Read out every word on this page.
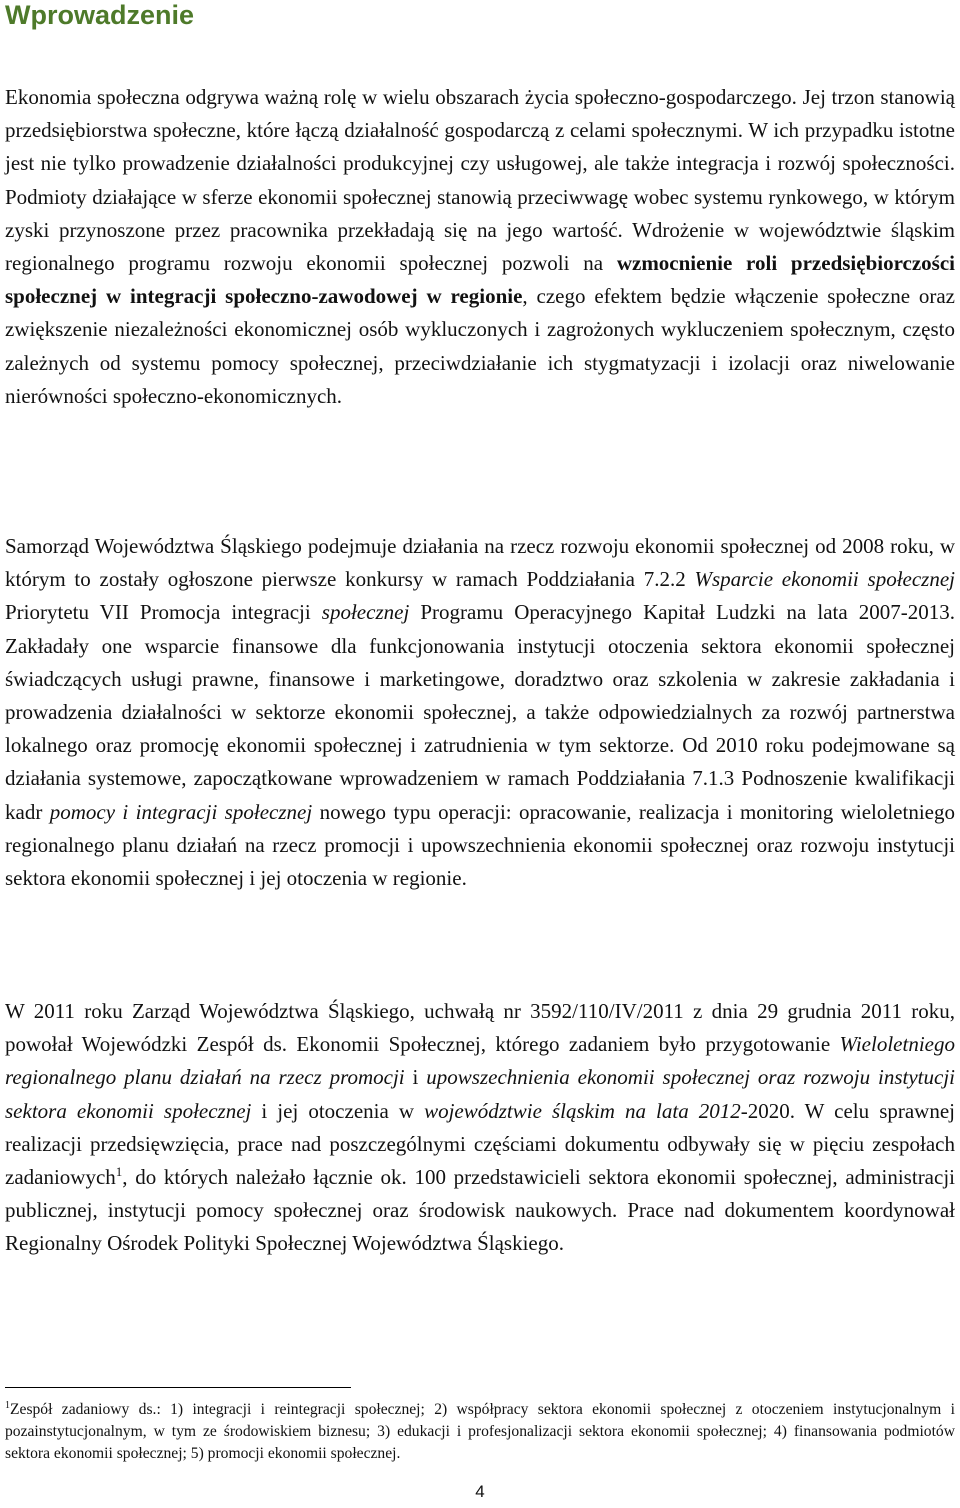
Wprowadzenie

Ekonomia społeczna odgrywa ważną rolę w wielu obszarach życia społeczno-gospodarczego. Jej trzon stanowią przedsiębiorstwa społeczne, które łączą działalność gospodarczą z celami społecznymi. W ich przypadku istotne jest nie tylko prowadzenie działalności produkcyjnej czy usługowej, ale także integracja i rozwój społeczności. Podmioty działające w sferze ekonomii społecznej stanowią przeciwwagę wobec systemu rynkowego, w którym zyski przynoszone przez pracownika przekładają się na jego wartość. Wdrożenie w województwie śląskim regionalnego programu rozwoju ekonomii społecznej pozwoli na wzmocnienie roli przedsiębiorczości społecznej w integracji społeczno-zawodowej w regionie, czego efektem będzie włączenie społeczne oraz zwiększenie niezależności ekonomicznej osób wykluczonych i zagrożonych wykluczeniem społecznym, często zależnych od systemu pomocy społecznej, przeciwdziałanie ich stygmatyzacji i izolacji oraz niwelowanie nierówności społeczno-ekonomicznych.

Samorząd Województwa Śląskiego podejmuje działania na rzecz rozwoju ekonomii społecznej od 2008 roku, w którym to zostały ogłoszone pierwsze konkursy w ramach Poddziałania 7.2.2 Wsparcie ekonomii społecznej Priorytetu VII Promocja integracji społecznej Programu Operacyjnego Kapitał Ludzki na lata 2007-2013. Zakładały one wsparcie finansowe dla funkcjonowania instytucji otoczenia sektora ekonomii społecznej świadczących usługi prawne, finansowe i marketingowe, doradztwo oraz szkolenia w zakresie zakładania i prowadzenia działalności w sektorze ekonomii społecznej, a także odpowiedzialnych za rozwój partnerstwa lokalnego oraz promocję ekonomii społecznej i zatrudnienia w tym sektorze. Od 2010 roku podejmowane są działania systemowe, zapoczątkowane wprowadzeniem w ramach Poddziałania 7.1.3 Podnoszenie kwalifikacji kadr pomocy i integracji społecznej nowego typu operacji: opracowanie, realizacja i monitoring wieloletniego regionalnego planu działań na rzecz promocji i upowszechnienia ekonomii społecznej oraz rozwoju instytucji sektora ekonomii społecznej i jej otoczenia w regionie.

W 2011 roku Zarząd Województwa Śląskiego, uchwałą nr 3592/110/IV/2011 z dnia 29 grudnia 2011 roku, powołał Wojewódzki Zespół ds. Ekonomii Społecznej, którego zadaniem było przygotowanie Wieloletniego regionalnego planu działań na rzecz promocji i upowszechnienia ekonomii społecznej oraz rozwoju instytucji sektora ekonomii społecznej i jej otoczenia w województwie śląskim na lata 2012-2020. W celu sprawnej realizacji przedsięwzięcia, prace nad poszczególnymi częściami dokumentu odbywały się w pięciu zespołach zadaniowych$^1$, do których należało łącznie ok. 100 przedstawicieli sektora ekonomii społecznej, administracji publicznej, instytucji pomocy społecznej oraz środowisk naukowych. Prace nad dokumentem koordynował Regionalny Ośrodek Polityki Społecznej Województwa Śląskiego.

$^1$Zespół zadaniowy ds.: 1) integracji i reintegracji społecznej; 2) współpracy sektora ekonomii społecznej z otoczeniem instytucjonalnym i pozainstytucjonalnym, w tym ze środowiskiem biznesu; 3) edukacji i profesjonalizacji sektora ekonomii społecznej; 4) finansowania podmiotów sektora ekonomii społecznej; 5) promocji ekonomii społecznej.

4
